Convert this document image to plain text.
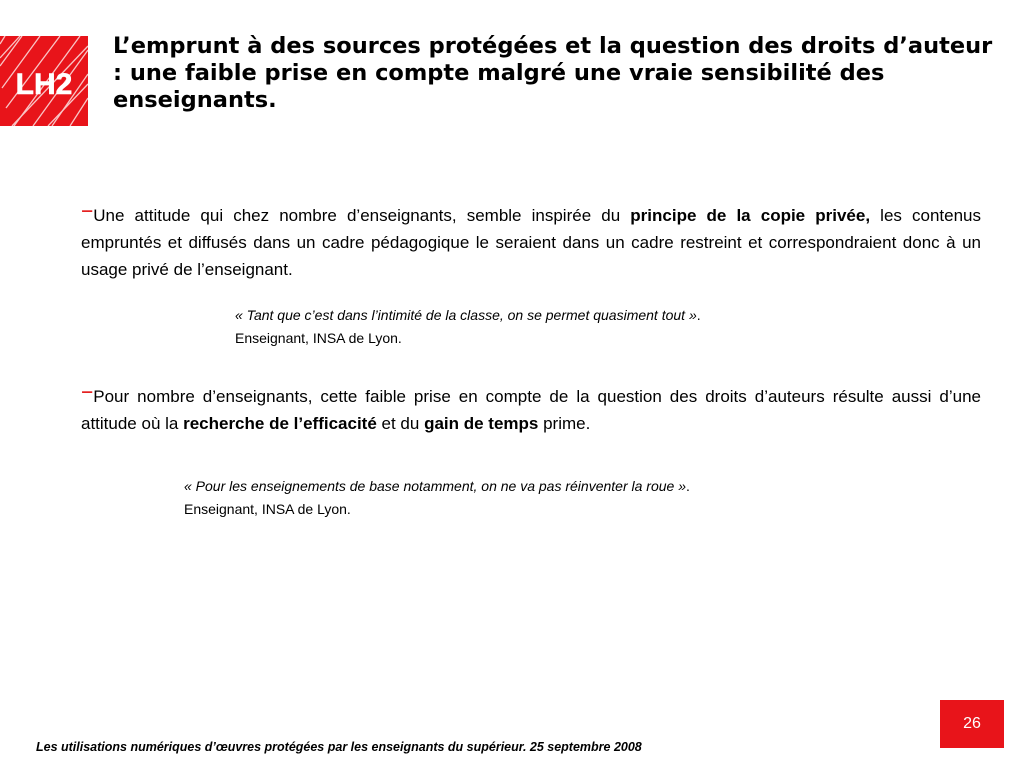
LH2
L’emprunt à des sources protégées et la question des droits d’auteur : une faible prise en compte malgré une vraie sensibilité des enseignants.

−Une attitude qui chez nombre d’enseignants, semble inspirée du principe de la copie privée, les contenus empruntés et diffusés dans un cadre pédagogique le seraient dans un cadre restreint et correspondraient donc à un usage privé de l’enseignant.

« Tant que c’est dans l’intimité de la classe, on se permet quasiment tout ».
Enseignant, INSA de Lyon.

−Pour nombre d’enseignants, cette faible prise en compte de la question des droits d’auteurs résulte aussi d’une attitude où la recherche de l’efficacité et du gain de temps prime.

« Pour les enseignements de base notamment, on ne va pas réinventer la roue ».
Enseignant, INSA de Lyon.
26
Les utilisations numériques d’œuvres protégées par les enseignants du supérieur. 25 septembre 2008
